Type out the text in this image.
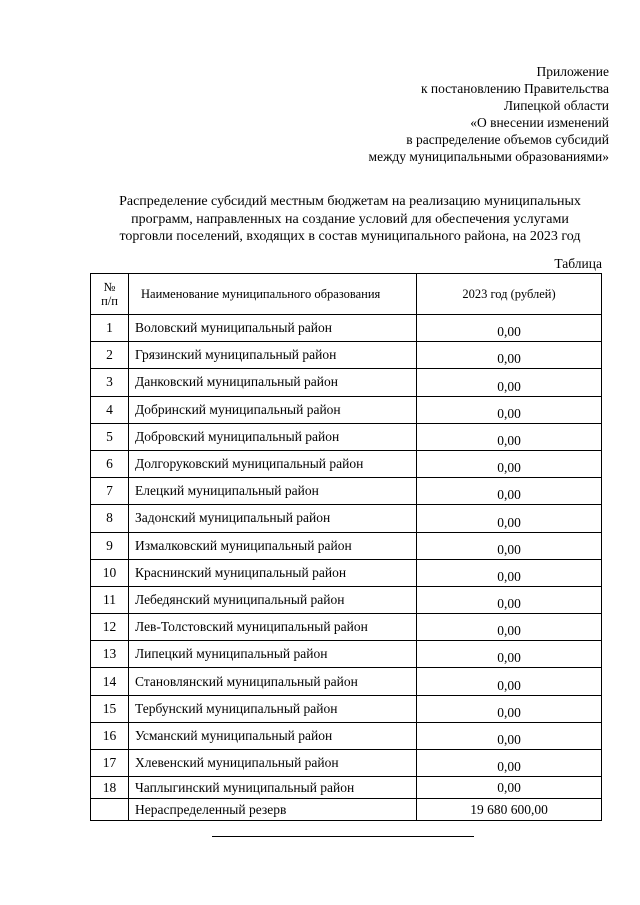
Приложение
к постановлению Правительства
Липецкой области
«О внесении изменений
в распределение объемов субсидий
между муниципальными образованиями»
Распределение субсидий местным бюджетам на реализацию муниципальных
программ, направленных на создание условий для обеспечения услугами
торговли поселений, входящих в состав муниципального района, на 2023 год
Таблица
№
п/п	Наименование муниципального образования	2023 год (рублей)
1	Воловский муниципальный район	0,00
2	Грязинский муниципальный район	0,00
3	Данковский муниципальный район	0,00
4	Добринский муниципальный район	0,00
5	Добровский муниципальный район	0,00
6	Долгоруковский муниципальный район	0,00
7	Елецкий муниципальный район	0,00
8	Задонский муниципальный район	0,00
9	Измалковский муниципальный район	0,00
10	Краснинский муниципальный район	0,00
11	Лебедянский муниципальный район	0,00
12	Лев-Толстовский муниципальный район	0,00
13	Липецкий муниципальный район	0,00
14	Становлянский муниципальный район	0,00
15	Тербунский муниципальный район	0,00
16	Усманский муниципальный район	0,00
17	Хлевенский муниципальный район	0,00
18	Чаплыгинский муниципальный район	0,00
	Нераспределенный резерв	19 680 600,00
